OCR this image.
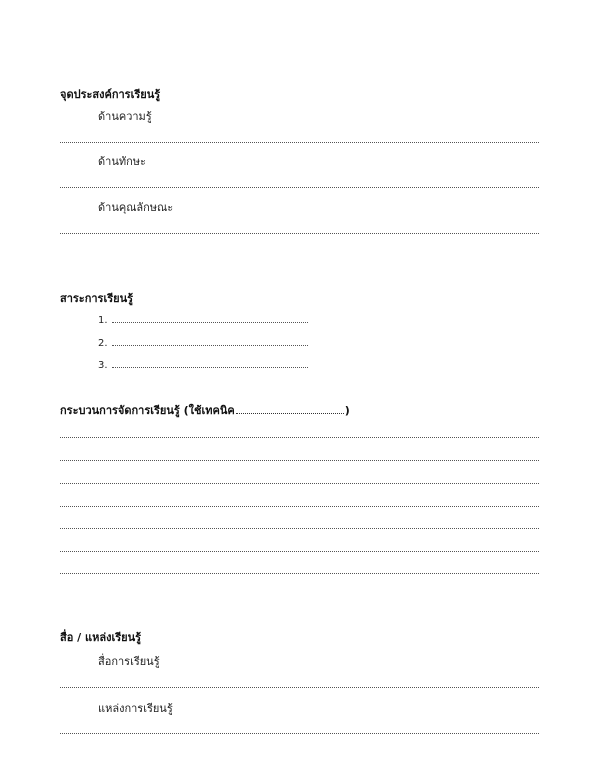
จุดประสงค์การเรียนรู้
ด้านความรู้
ด้านทักษะ
ด้านคุณลักษณะ
สาระการเรียนรู้
1.
2.
3.
กระบวนการจัดการเรียนรู้ (ใช้เทคนิค	)
สื่อ / แหล่งเรียนรู้
สื่อการเรียนรู้
แหล่งการเรียนรู้
